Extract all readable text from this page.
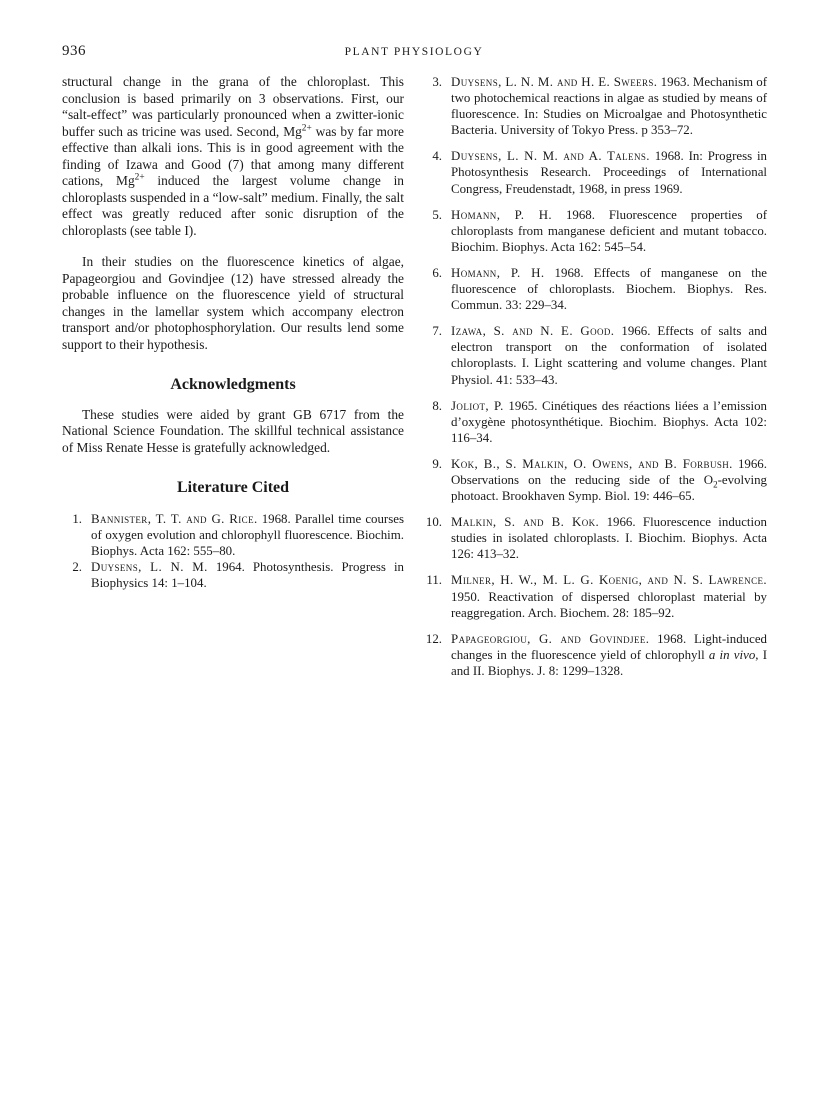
936	PLANT PHYSIOLOGY

structural change in the grana of the chloroplast. This conclusion is based primarily on 3 observations. First, our “salt-effect” was particularly pronounced when a zwitter-ionic buffer such as tricine was used. Second, $Mg^{2+}$ was by far more effective than alkali ions. This is in good agreement with the finding of Izawa and Good (7) that among many different cations, $Mg^{2+}$ induced the largest volume change in chloroplasts suspended in a “low-salt” medium. Finally, the salt effect was greatly reduced after sonic disruption of the chloroplasts (see table I).

In their studies on the fluorescence kinetics of algae, Papageorgiou and Govindjee (12) have stressed already the probable influence on the fluorescence yield of structural changes in the lamellar system which accompany electron transport and/or photophosphorylation. Our results lend some support to their hypothesis.

Acknowledgments

These studies were aided by grant GB 6717 from the National Science Foundation. The skillful technical assistance of Miss Renate Hesse is gratefully acknowledged.

Literature Cited

1. Bannister, T. T. and G. Rice. 1968. Parallel time courses of oxygen evolution and chlorophyll fluorescence. Biochim. Biophys. Acta 162: 555–80.

2. Duysens, L. N. M. 1964. Photosynthesis. Progress in Biophysics 14: 1–104.

3. Duysens, L. N. M. and H. E. Sweers. 1963. Mechanism of two photochemical reactions in algae as studied by means of fluorescence. In: Studies on Microalgae and Photosynthetic Bacteria. University of Tokyo Press. p 353–72.

4. Duysens, L. N. M. and A. Talens. 1968. In: Progress in Photosynthesis Research. Proceedings of International Congress, Freudenstadt, 1968, in press 1969.

5. Homann, P. H. 1968. Fluorescence properties of chloroplasts from manganese deficient and mutant tobacco. Biochim. Biophys. Acta 162: 545–54.

6. Homann, P. H. 1968. Effects of manganese on the fluorescence of chloroplasts. Biochem. Biophys. Res. Commun. 33: 229–34.

7. Izawa, S. and N. E. Good. 1966. Effects of salts and electron transport on the conformation of isolated chloroplasts. I. Light scattering and volume changes. Plant Physiol. 41: 533–43.

8. Joliot, P. 1965. Cinétiques des réactions liées a l’emission d’oxygène photosynthétique. Biochim. Biophys. Acta 102: 116–34.

9. Kok, B., S. Malkin, O. Owens, and B. Forbush. 1966. Observations on the reducing side of the $O_2$-evolving photoact. Brookhaven Symp. Biol. 19: 446–65.

10. Malkin, S. and B. Kok. 1966. Fluorescence induction studies in isolated chloroplasts. I. Biochim. Biophys. Acta 126: 413–32.

11. Milner, H. W., M. L. G. Koenig, and N. S. Lawrence. 1950. Reactivation of dispersed chloroplast material by reaggregation. Arch. Biochem. 28: 185–92.

12. Papageorgiou, G. and Govindjee. 1968. Light-induced changes in the fluorescence yield of chlorophyll a in vivo, I and II. Biophys. J. 8: 1299–1328.
